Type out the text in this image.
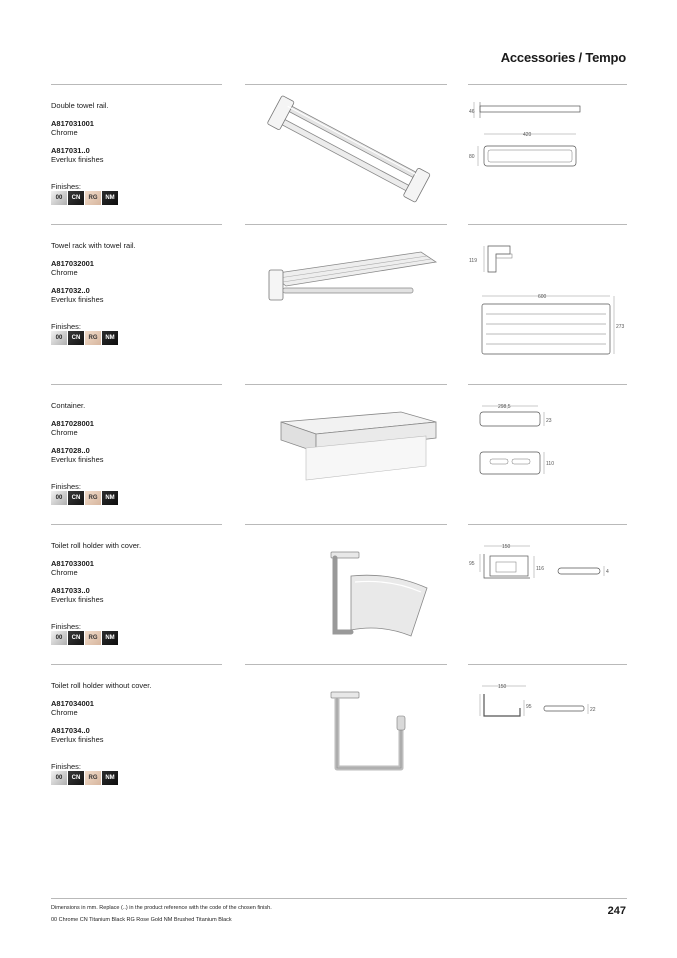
Accessories / Tempo
Double towel rail.
A817031001
Chrome
A817031..0
Everlux finishes
Finishes:
00	CN	RG	NM
46
420
80
Towel rack with towel rail.
A817032001
Chrome
A817032..0
Everlux finishes
Finishes:
00	CN	RG	NM
119
600
273
Container.
A817028001
Chrome
A817028..0
Everlux finishes
Finishes:
00	CN	RG	NM
298,5
23
110
Toilet roll holder with cover.
A817033001
Chrome
A817033..0
Everlux finishes
Finishes:
00	CN	RG	NM
150
95
116	4
Toilet roll holder without cover.
A817034001
Chrome
A817034..0
Everlux finishes
Finishes:
00	CN	RG	NM
150
95	22
Dimensions in mm. Replace (..) in the product reference with the code of the chosen finish.
00 Chrome CN Titanium Black RG Rose Gold NM Brushed Titanium Black
247
